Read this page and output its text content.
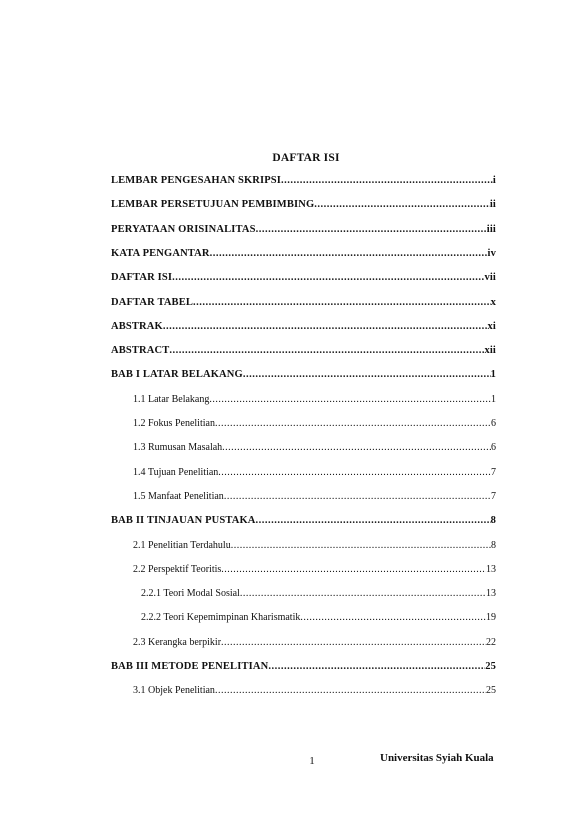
DAFTAR ISI
LEMBAR PENGESAHAN SKRIPSI .....	i
LEMBAR PERSETUJUAN PEMBIMBING .....	ii
PERYATAAN ORISINALITAS .....	iii
KATA PENGANTAR .....	iv
DAFTAR ISI .....	vii
DAFTAR TABEL .....	x
ABSTRAK .....	xi
ABSTRACT .....	xii
BAB I LATAR BELAKANG .....	1
1.1 Latar Belakang .....	1
1.2 Fokus Penelitian .....	6
1.3 Rumusan Masalah .....	6
1.4 Tujuan Penelitian .....	7
1.5 Manfaat Penelitian .....	7
BAB II TINJAUAN PUSTAKA .....	8
2.1 Penelitian Terdahulu .....	8
2.2 Perspektif Teoritis .....	13
2.2.1 Teori Modal Sosial .....	13
2.2.2 Teori Kepemimpinan Kharismatik .....	19
2.3 Kerangka berpikir .....	22
BAB III METODE PENELITIAN .....	25
3.1 Objek Penelitian .....	25
1	Universitas Syiah Kuala
